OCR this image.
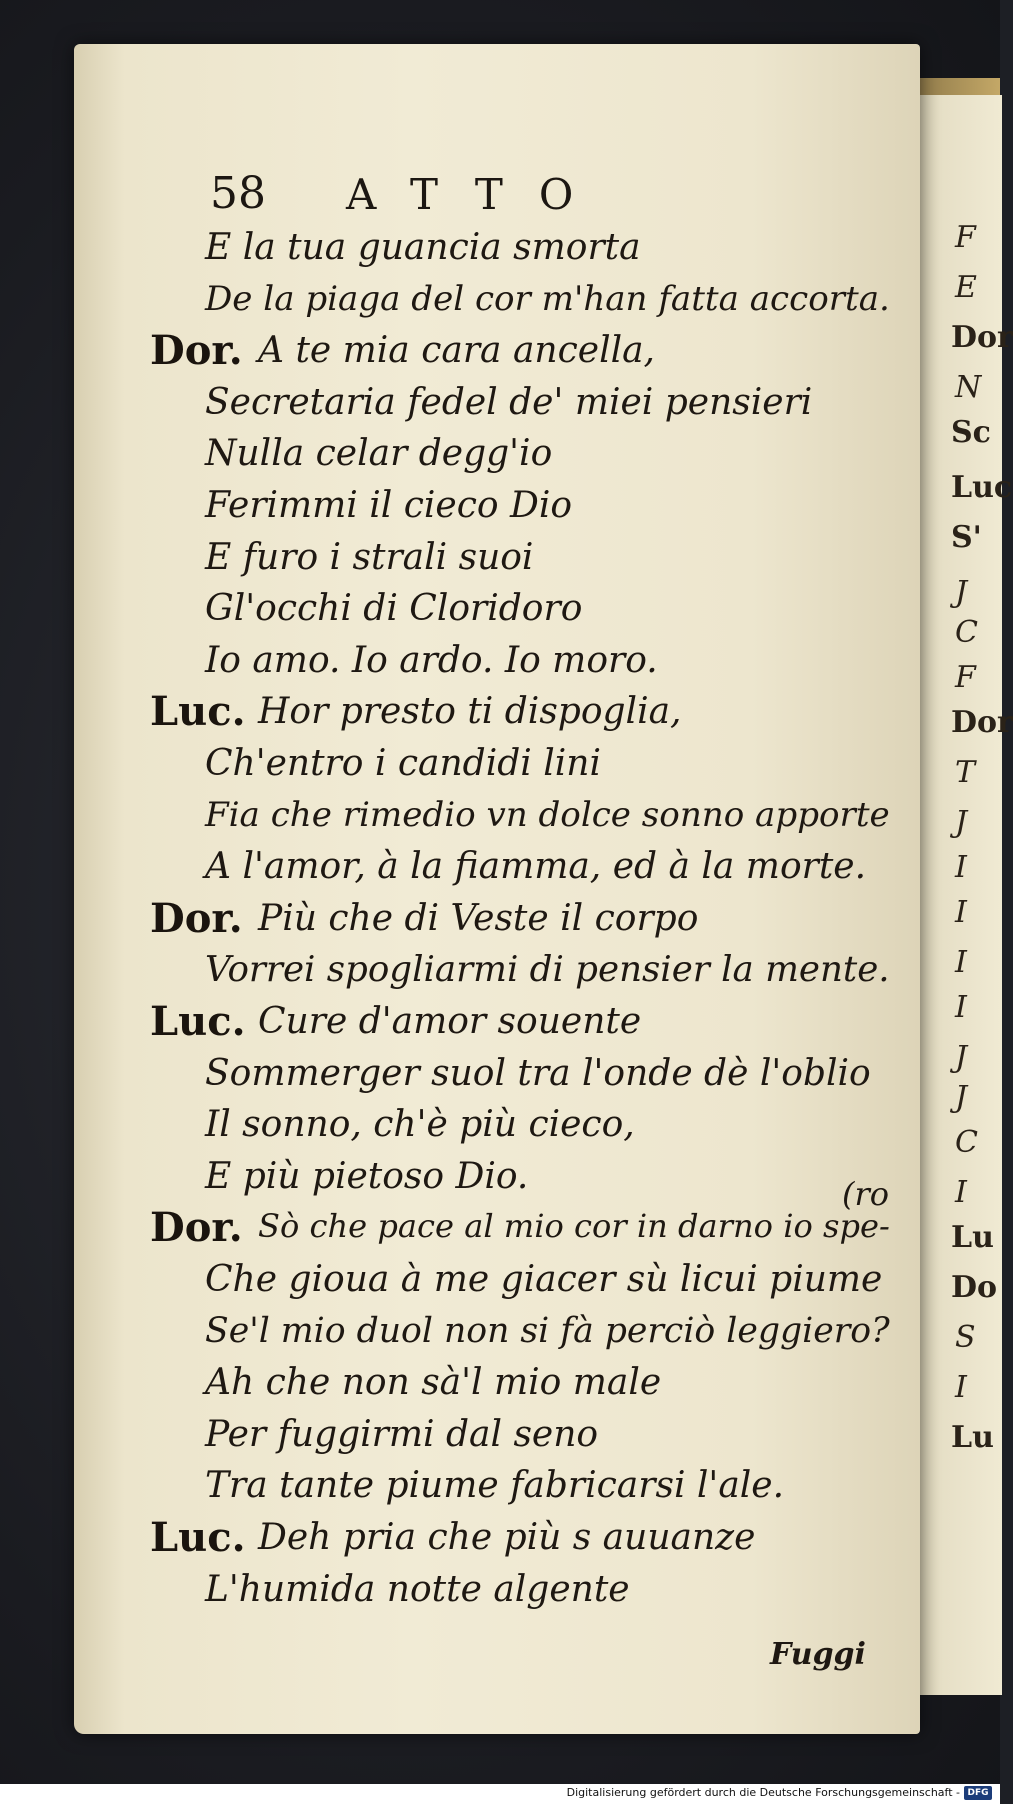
F
E
Dor
N
Sc
Luc
S'
J
C
F
Dor
T
J
I
I
I
I
J
J
C
I
Lu
Do
S
I
Lu
58 ATTO
E la tua guancia smorta
De la piaga del cor m'han fatta accorta.
Dor. A te mia cara ancella,
Secretaria fedel de' miei pensieri
Nulla celar degg'io
Ferimmi il cieco Dio
E furo i strali suoi
Gl'occhi di Cloridoro
Io amo. Io ardo. Io moro.
Luc. Hor presto ti dispoglia,
Ch'entro i candidi lini
Fia che rimedio vn dolce sonno apporte
A l'amor, à la fiamma, ed à la morte.
Dor. Più che di Veste il corpo
Vorrei spogliarmi di pensier la mente.
Luc. Cure d'amor souente
Sommerger suol tra l'onde dè l'oblio
Il sonno, ch'è più cieco,
E più pietoso Dio.
Dor. Sò che pace al mio cor in darno io spe-
Che gioua à me giacer sù licui piume
Se'l mio duol non si fà perciò leggiero?
Ah che non sà'l mio male
Per fuggirmi dal seno
Tra tante piume fabricarsi l'ale.
Luc. Deh pria che più s auuanze
L'humida notte algente
(ro
Fuggi
Digitalisierung gefördert durch die Deutsche Forschungsgemeinschaft - DFG
